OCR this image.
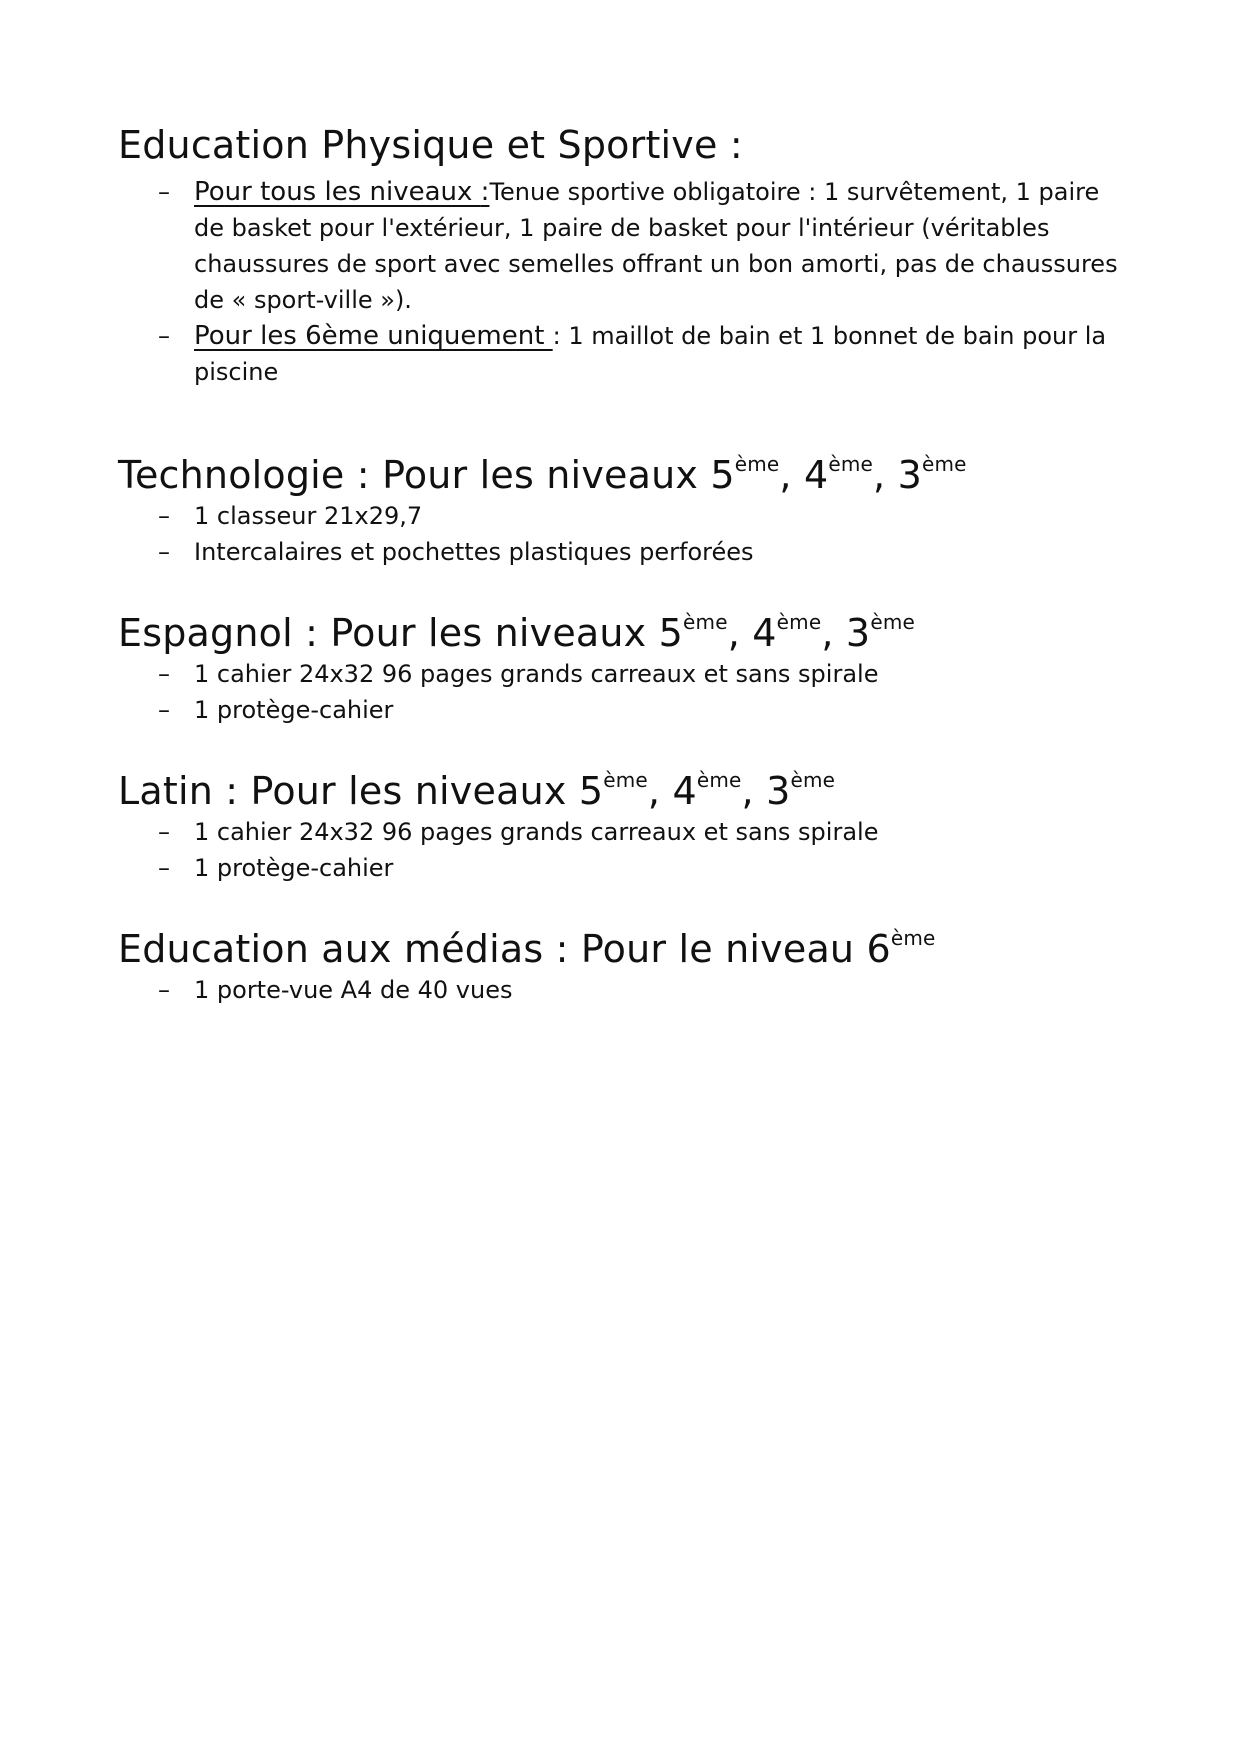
Education Physique et Sportive :
– Pour tous les niveaux :Tenue sportive obligatoire : 1 survêtement, 1 paire de basket pour l'extérieur, 1 paire de basket pour l'intérieur (véritables chaussures de sport avec semelles offrant un bon amorti, pas de chaussures de « sport-ville »).
– Pour les 6ème uniquement : 1 maillot de bain et 1 bonnet de bain pour la piscine
Technologie : Pour les niveaux 5ème, 4ème, 3ème
–	1 classeur 21x29,7
–	Intercalaires et pochettes plastiques perforées
Espagnol : Pour les niveaux 5ème, 4ème, 3ème
–	1 cahier 24x32 96 pages grands carreaux et sans spirale
–	1 protège-cahier
Latin : Pour les niveaux 5ème, 4ème, 3ème
–	1 cahier 24x32 96 pages grands carreaux et sans spirale
–	1 protège-cahier
Education aux médias : Pour le niveau 6ème
–	1 porte-vue A4 de 40 vues
